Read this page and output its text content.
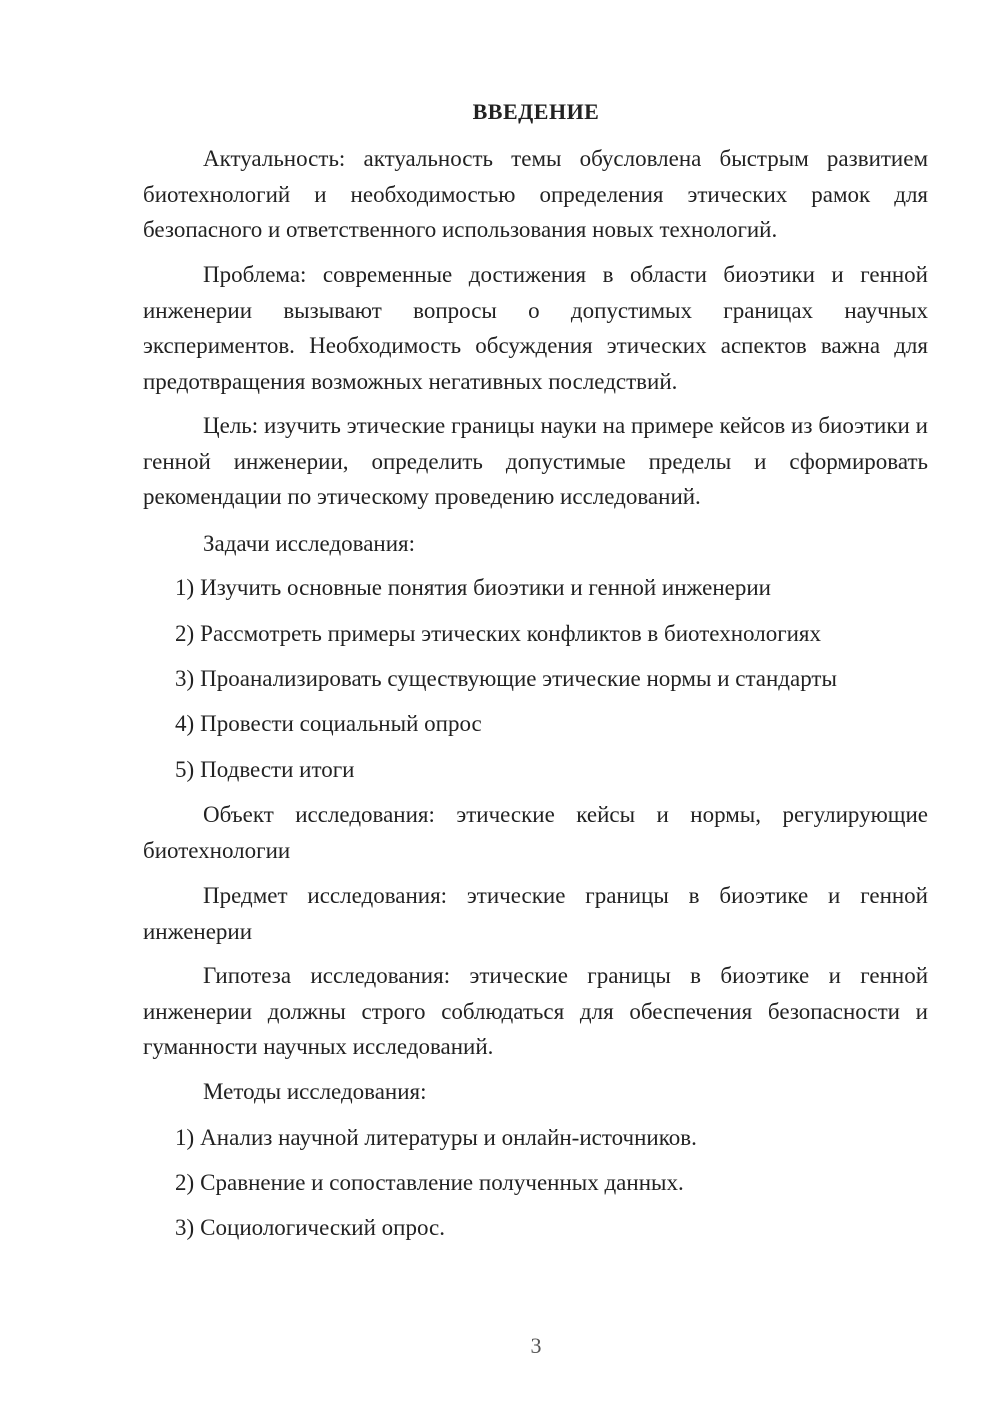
ВВЕДЕНИЕ

Актуальность: актуальность темы обусловлена быстрым развитием биотехнологий и необходимостью определения этических рамок для безопасного и ответственного использования новых технологий.

Проблема: современные достижения в области биоэтики и генной инженерии вызывают вопросы о допустимых границах научных экспериментов. Необходимость обсуждения этических аспектов важна для предотвращения возможных негативных последствий.

Цель: изучить этические границы науки на примере кейсов из биоэтики и генной инженерии, определить допустимые пределы и сформировать рекомендации по этическому проведению исследований.

Задачи исследования:

1) Изучить основные понятия биоэтики и генной инженерии

2) Рассмотреть примеры этических конфликтов в биотехнологиях

3) Проанализировать существующие этические нормы и стандарты

4) Провести социальный опрос

5) Подвести итоги

Объект исследования: этические кейсы и нормы, регулирующие биотехнологии

Предмет исследования: этические границы в биоэтике и генной инженерии

Гипотеза исследования: этические границы в биоэтике и генной инженерии должны строго соблюдаться для обеспечения безопасности и гуманности научных исследований.

Методы исследования:

1) Анализ научной литературы и онлайн-источников.

2) Сравнение и сопоставление полученных данных.

3) Социологический опрос.

3
